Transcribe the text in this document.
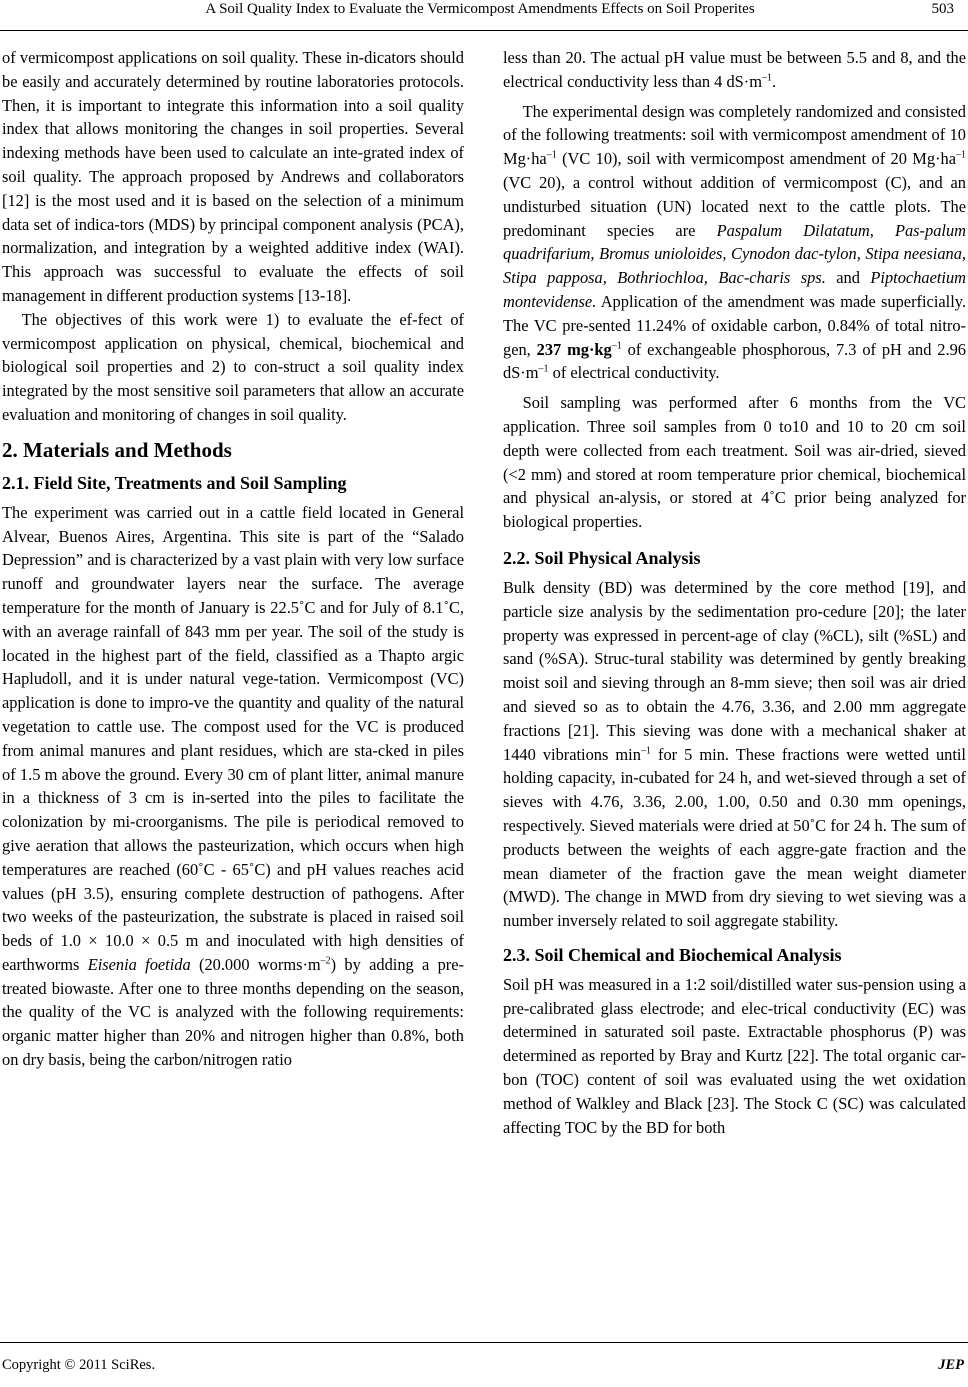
A Soil Quality Index to Evaluate the Vermicompost Amendments Effects on Soil Properites	503

of vermicompost applications on soil quality. These in-dicators should be easily and accurately determined by routine laboratories protocols. Then, it is important to integrate this information into a soil quality index that allows monitoring the changes in soil properties. Several indexing methods have been used to calculate an inte-grated index of soil quality. The approach proposed by Andrews and collaborators [12] is the most used and it is based on the selection of a minimum data set of indica-tors (MDS) by principal component analysis (PCA), normalization, and integration by a weighted additive index (WAI). This approach was successful to evaluate the effects of soil management in different production systems [13-18].

The objectives of this work were 1) to evaluate the ef-fect of vermicompost application on physical, chemical, biochemical and biological soil properties and 2) to con-struct a soil quality index integrated by the most sensitive soil parameters that allow an accurate evaluation and monitoring of changes in soil quality.

2. Materials and Methods
2.1. Field Site, Treatments and Soil Sampling

The experiment was carried out in a cattle field located in General Alvear, Buenos Aires, Argentina. This site is part of the “Salado Depression” and is characterized by a vast plain with very low surface runoff and groundwater layers near the surface. The average temperature for the month of January is 22.5˚C and for July of 8.1˚C, with an average rainfall of 843 mm per year. The soil of the study is located in the highest part of the field, classified as a Thapto argic Hapludoll, and it is under natural vege-tation. Vermicompost (VC) application is done to impro-ve the quantity and quality of the natural vegetation to cattle use. The compost used for the VC is produced from animal manures and plant residues, which are sta-cked in piles of 1.5 m above the ground. Every 30 cm of plant litter, animal manure in a thickness of 3 cm is in-serted into the piles to facilitate the colonization by mi-croorganisms. The pile is periodical removed to give aeration that allows the pasteurization, which occurs when high temperatures are reached (60˚C - 65˚C) and pH values reaches acid values (pH 3.5), ensuring complete destruction of pathogens. After two weeks of the pasteurization, the substrate is placed in raised soil beds of 1.0 × 10.0 × 0.5 m and inoculated with high densities of earthworms Eisenia foetida (20.000 $worms\cdot m^{-2}$) by adding a pre-treated biowaste. After one to three months depending on the season, the quality of the VC is analyzed with the following requirements: organic matter higher than 20% and nitrogen higher than 0.8%, both on dry basis, being the carbon/nitrogen ratio

less than 20. The actual pH value must be between 5.5 and 8, and the electrical conductivity less than 4 $dS\cdot m^{-1}$.

The experimental design was completely randomized and consisted of the following treatments: soil with vermicompost amendment of 10 $Mg\cdot ha^{-1}$ (VC 10), soil with vermicompost amendment of 20 $Mg\cdot ha^{-1}$ (VC 20), a control without addition of vermicompost (C), and an undisturbed situation (UN) located next to the cattle plots. The predominant species are Paspalum Dilatatum, Pas-palum quadrifarium, Bromus unioloides, Cynodon dac-tylon, Stipa neesiana, Stipa papposa, Bothriochloa, Bac-charis sps. and Piptochaetium montevidense. Application of the amendment was made superficially. The VC pre-sented 11.24% of oxidable carbon, 0.84% of total nitro-gen, 237 $mg\cdot kg^{-1}$ of exchangeable phosphorous, 7.3 of pH and 2.96 $dS\cdot m^{-1}$ of electrical conductivity.

Soil sampling was performed after 6 months from the VC application. Three soil samples from 0 to10 and 10 to 20 cm soil depth were collected from each treatment. Soil was air-dried, sieved (<2 mm) and stored at room temperature prior chemical, biochemical and physical an-alysis, or stored at 4˚C prior being analyzed for biological properties.

2.2. Soil Physical Analysis

Bulk density (BD) was determined by the core method [19], and particle size analysis by the sedimentation pro-cedure [20]; the later property was expressed in percent-age of clay (%CL), silt (%SL) and sand (%SA). Struc-tural stability was determined by gently breaking moist soil and sieving through an 8-mm sieve; then soil was air dried and sieved so as to obtain the 4.76, 3.36, and 2.00 mm aggregate fractions [21]. This sieving was done with a mechanical shaker at 1440 vibrations $\min^{-1}$ for 5 min. These fractions were wetted until holding capacity, in-cubated for 24 h, and wet-sieved through a set of sieves with 4.76, 3.36, 2.00, 1.00, 0.50 and 0.30 mm openings, respectively. Sieved materials were dried at 50˚C for 24 h. The sum of products between the weights of each aggre-gate fraction and the mean diameter of the fraction gave the mean weight diameter (MWD). The change in MWD from dry sieving to wet sieving was a number inversely related to soil aggregate stability.

2.3. Soil Chemical and Biochemical Analysis

Soil pH was measured in a 1:2 soil/distilled water sus-pension using a pre-calibrated glass electrode; and elec-trical conductivity (EC) was determined in saturated soil paste. Extractable phosphorus (P) was determined as reported by Bray and Kurtz [22]. The total organic car-bon (TOC) content of soil was evaluated using the wet oxidation method of Walkley and Black [23]. The Stock C (SC) was calculated affecting TOC by the BD for both

Copyright © 2011 SciRes.	JEP
